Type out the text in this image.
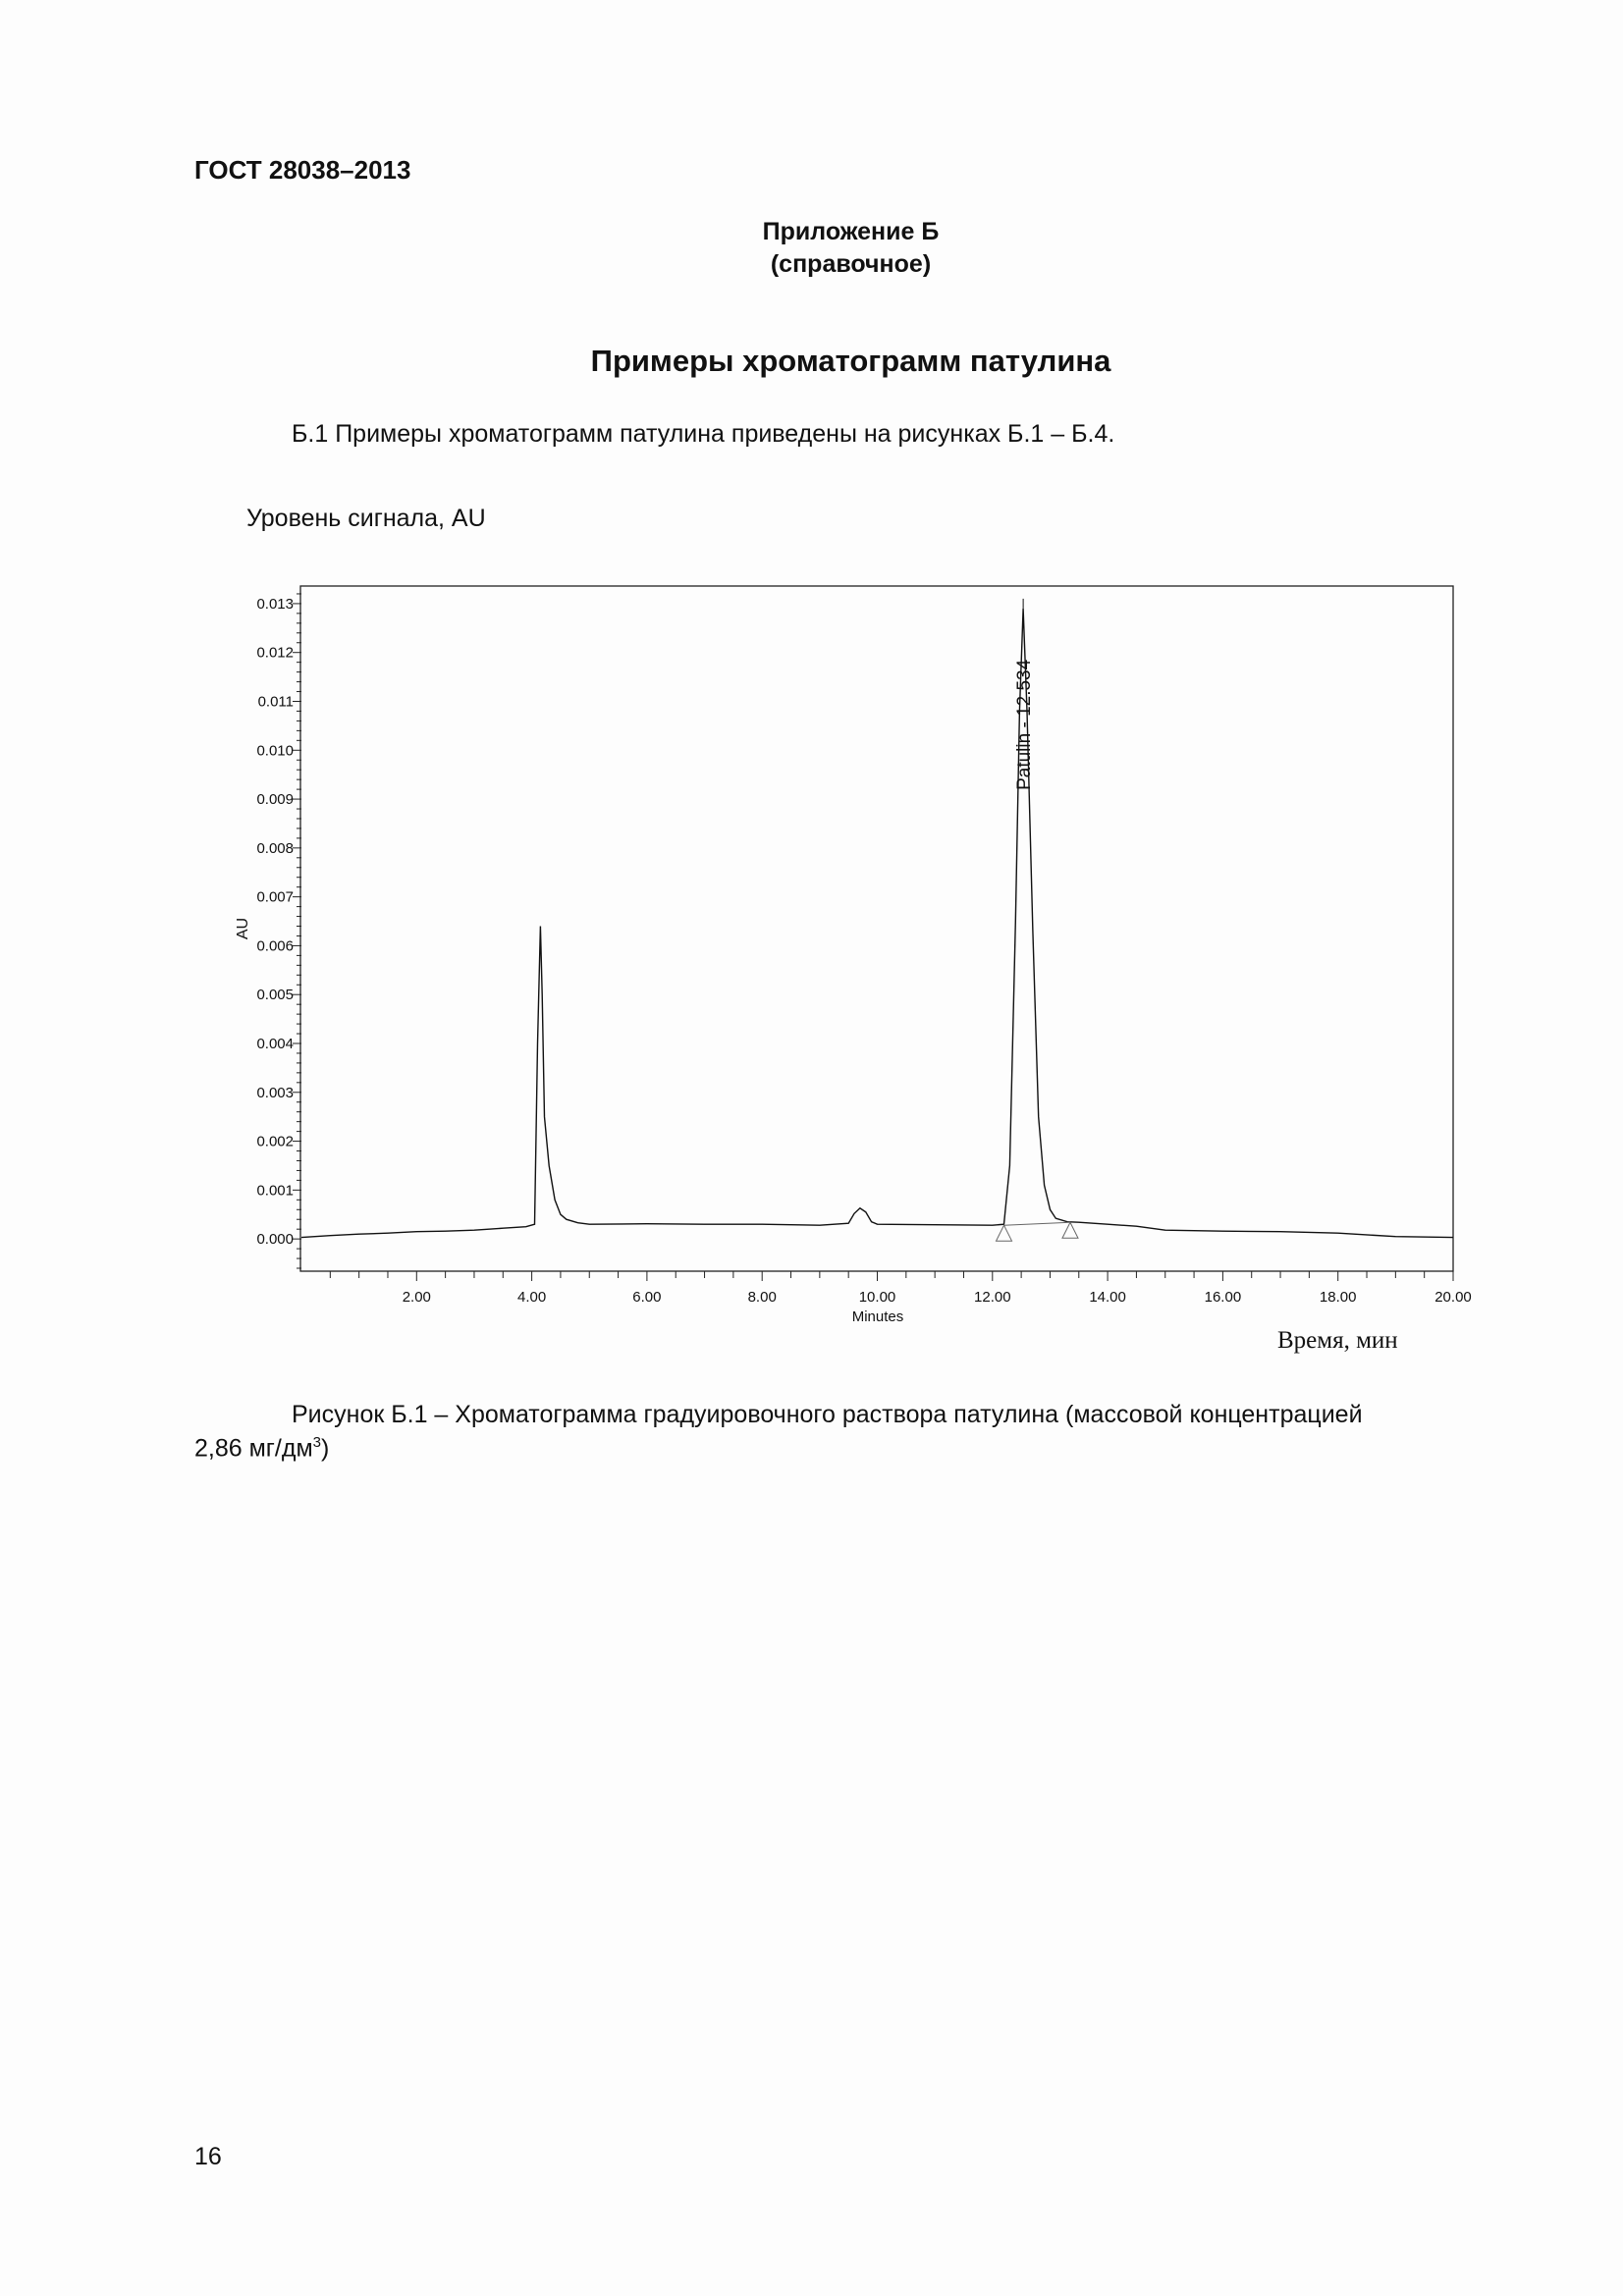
ГОСТ 28038–2013
Приложение Б
(справочное)
Примеры хроматограмм патулина
Б.1 Примеры хроматограмм патулина приведены на рисунках Б.1 – Б.4.
Уровень сигнала, AU
2.00	4.00	6.00	8.00	10.00	12.00	14.00	16.00	18.00	20.00
0.000
0.001
0.002
0.003
0.004
0.005
0.006
0.007
0.008
0.009
0.010
0.011
0.012
0.013
Patulin - 12.534
Minutes
AU
Время, мин
Рисунок Б.1 – Хроматограмма градуировочного раствора патулина (массовой концентрацией
2,86 $мг/дм^3$)
16
